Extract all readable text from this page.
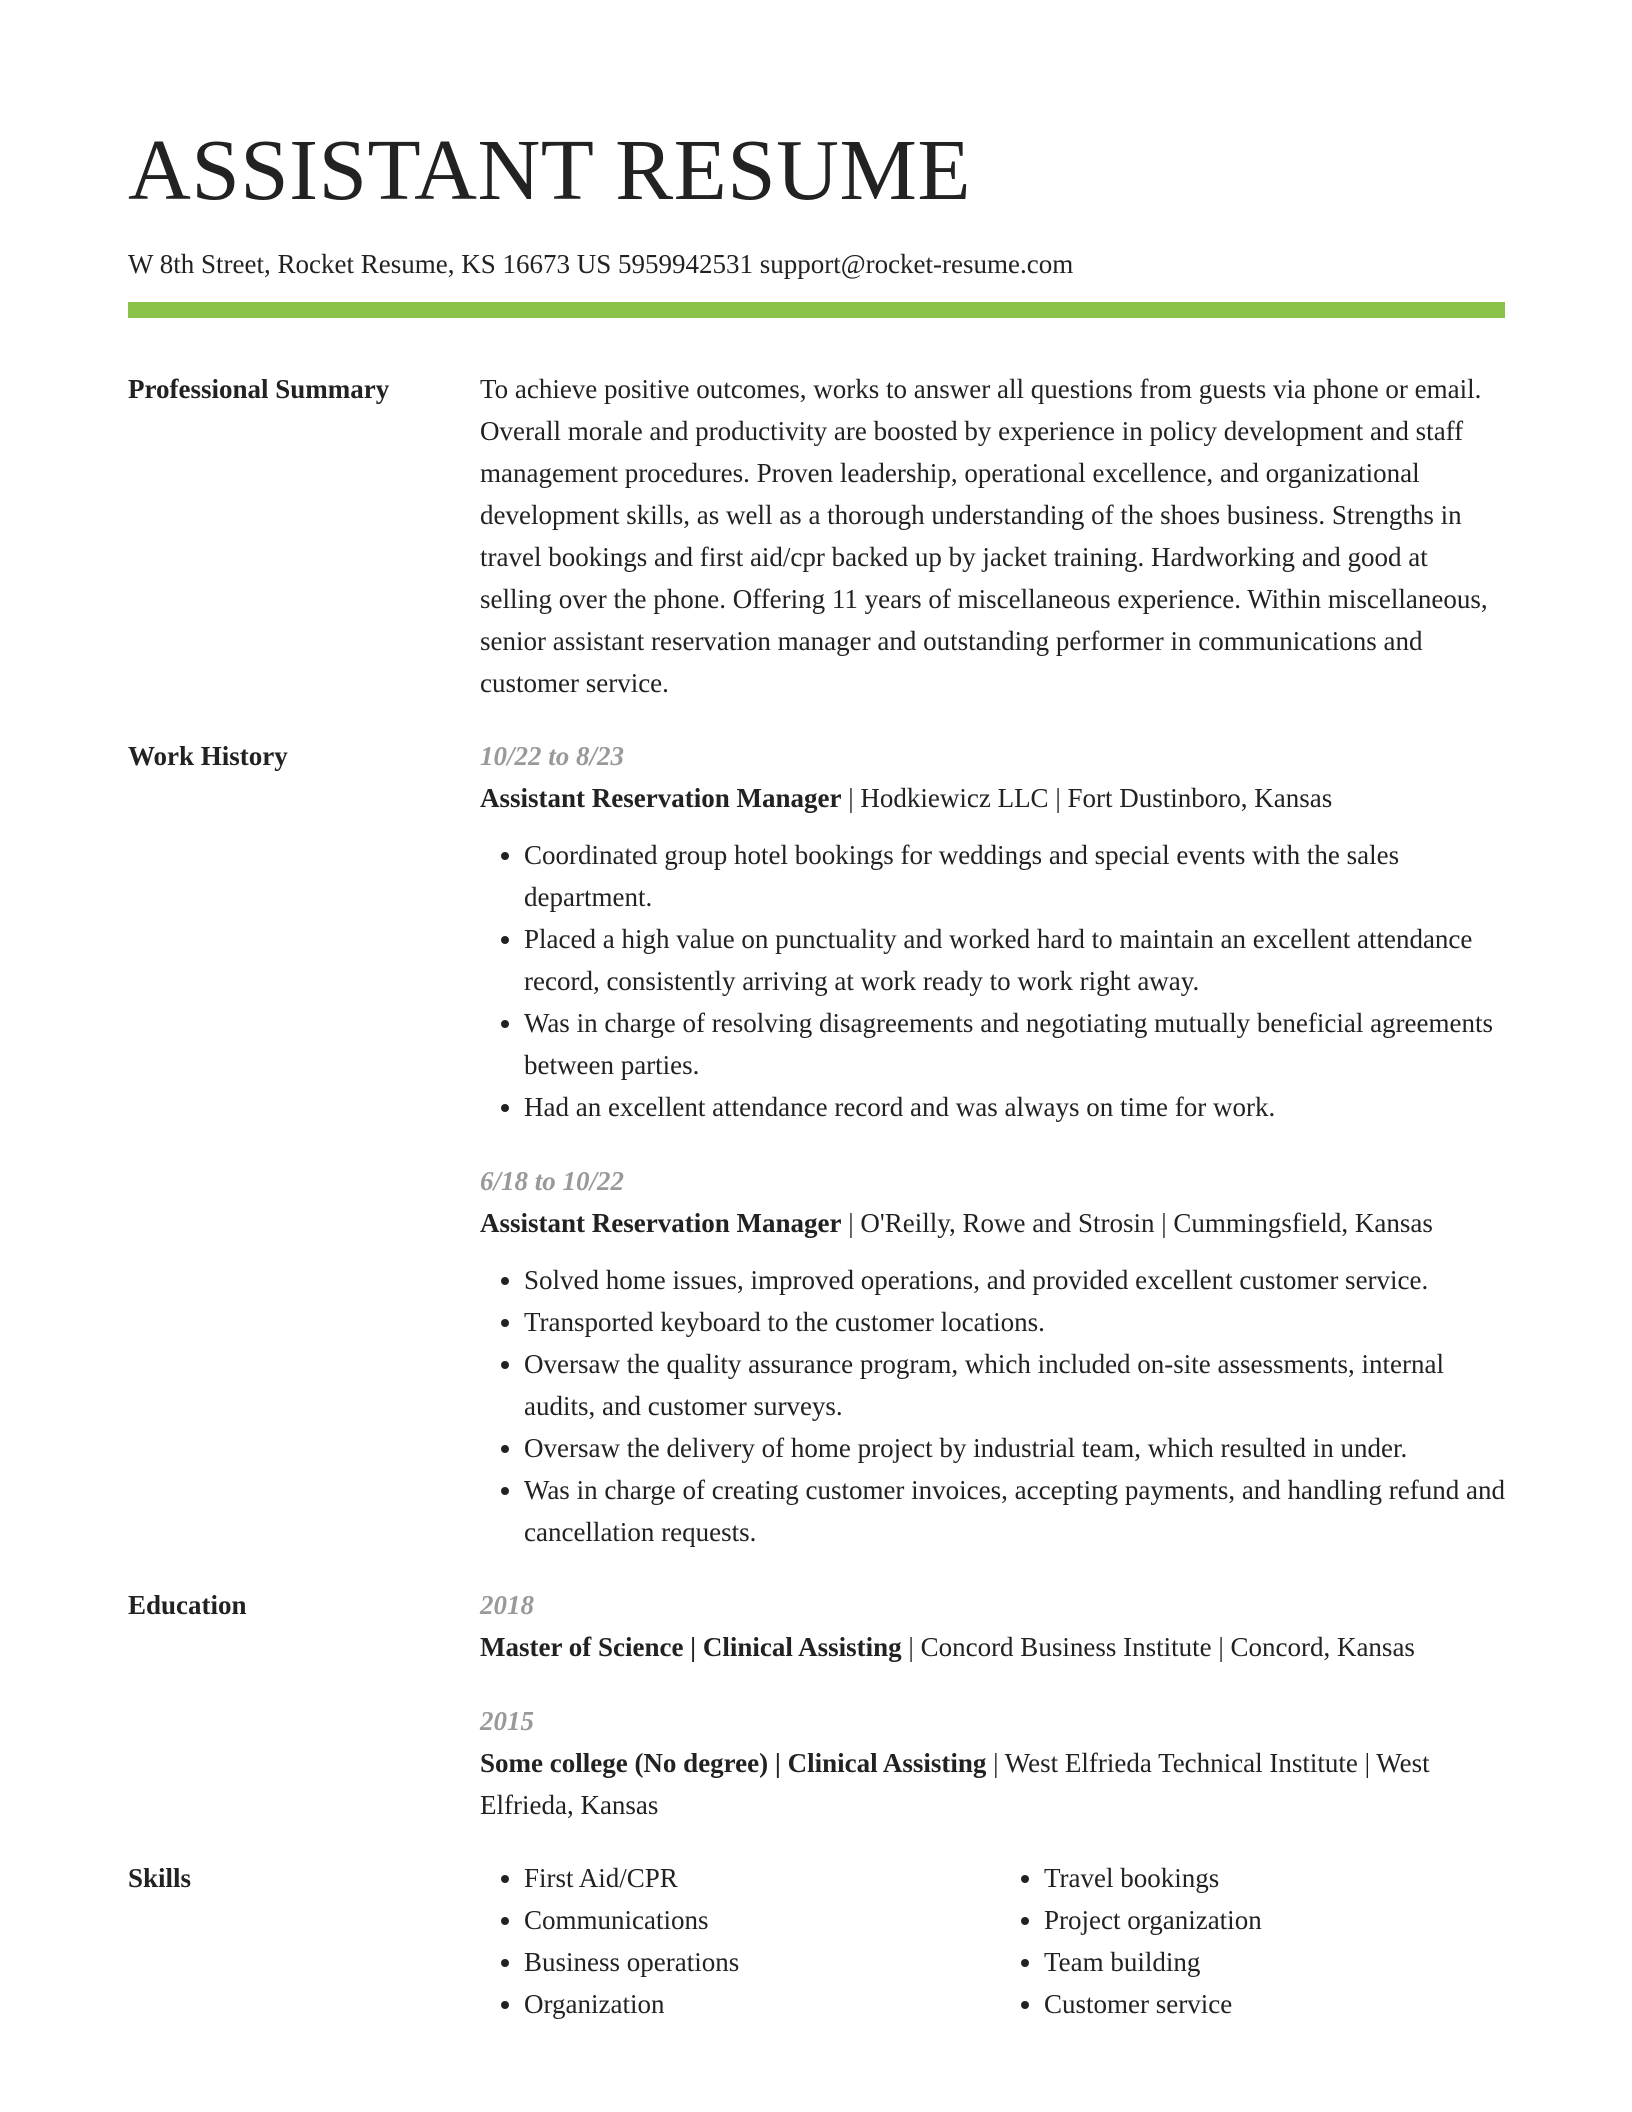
ASSISTANT RESUME
W 8th Street, Rocket Resume, KS 16673 US 5959942531 support@rocket-resume.com
Professional Summary	To achieve positive outcomes, works to answer all questions from guests via phone or email. Overall morale and productivity are boosted by experience in policy development and staff management procedures. Proven leadership, operational excellence, and organizational development skills, as well as a thorough understanding of the shoes business. Strengths in travel bookings and first aid/cpr backed up by jacket training. Hardworking and good at selling over the phone. Offering 11 years of miscellaneous experience. Within miscellaneous, senior assistant reservation manager and outstanding performer in communications and customer service.
Work History	10/22 to 8/23
Assistant Reservation Manager | Hodkiewicz LLC | Fort Dustinboro, Kansas
• Coordinated group hotel bookings for weddings and special events with the sales department.
• Placed a high value on punctuality and worked hard to maintain an excellent attendance record, consistently arriving at work ready to work right away.
• Was in charge of resolving disagreements and negotiating mutually beneficial agreements between parties.
• Had an excellent attendance record and was always on time for work.
6/18 to 10/22
Assistant Reservation Manager | O'Reilly, Rowe and Strosin | Cummingsfield, Kansas
• Solved home issues, improved operations, and provided excellent customer service.
• Transported keyboard to the customer locations.
• Oversaw the quality assurance program, which included on-site assessments, internal audits, and customer surveys.
• Oversaw the delivery of home project by industrial team, which resulted in under.
• Was in charge of creating customer invoices, accepting payments, and handling refund and cancellation requests.
Education	2018
Master of Science | Clinical Assisting | Concord Business Institute | Concord, Kansas
2015
Some college (No degree) | Clinical Assisting | West Elfrieda Technical Institute | West Elfrieda, Kansas
Skills
•	First Aid/CPR
• Communications
• Business operations
• Organization
• Travel bookings
• Project organization
• Team building
• Customer service
